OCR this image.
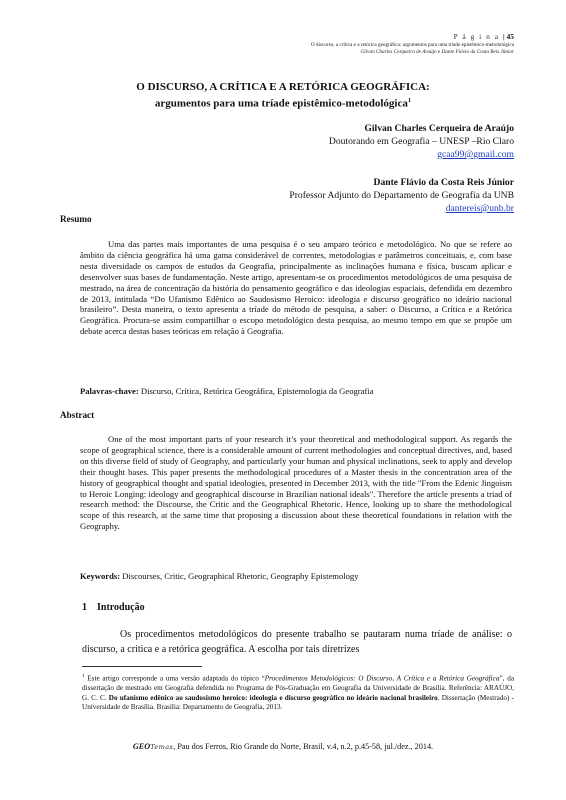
P á g i n a | 45
O discurso, a crítica e a retórica geográfica: argumentos para uma tríade epistêmico-metodológica
Gilvan Charles Cerqueira de Araújo e Dante Flávio da Costa Reis Júnior
O DISCURSO, A CRÍTICA E A RETÓRICA GEOGRÁFICA:
argumentos para uma tríade epistêmico-metodológica$^1$
Gilvan Charles Cerqueira de Araújo
Doutorando em Geografia – UNESP –Rio Claro
gcaa99@gmail.com
Dante Flávio da Costa Reis Júnior
Professor Adjunto do Departamento de Geografia da UNB
dantereis@unb.br
Resumo
Uma das partes mais importantes de uma pesquisa é o seu amparo teórico e metodológico. No que se refere ao âmbito da ciência geográfica há uma gama considerável de correntes, metodologias e parâmetros conceituais, e, com base nesta diversidade os campos de estudos da Geografia, principalmente as inclinações humana e física, buscam aplicar e desenvolver suas bases de fundamentação. Neste artigo, apresentam-se os procedimentos metodológicos de uma pesquisa de mestrado, na área de concentração da história do pensamento geográfico e das ideologias espaciais, defendida em dezembro de 2013, intitulada “Do Ufanismo Edênico ao Saudosismo Heroico: ideologia e discurso geográfico no ideário nacional brasileiro”. Desta maneira, o texto apresenta a tríade do método de pesquisa, a saber: o Discurso, a Crítica e a Retórica Geográfica. Procura-se assim compartilhar o escopo metodológico desta pesquisa, ao mesmo tempo em que se propõe um debate acerca destas bases teóricas em relação à Geografia.
Palavras-chave: Discurso, Crítica, Retórica Geográfica, Epistemologia da Geografia
Abstract
One of the most important parts of your research it’s your theoretical and methodological support. As regards the scope of geographical science, there is a considerable amount of current methodologies and conceptual directives, and, based on this diverse field of study of Geography, and particularly your human and physical inclinations, seek to apply and develop their thought bases. This paper presents the methodological procedures of a Master thesis in the concentration area of the history of geographical thought and spatial ideologies, presented in December 2013, with the title "From the Edenic Jingoism to Heroic Longing: ideology and geographical discourse in Brazilian national ideals". Therefore the article presents a triad of research method: the Discourse, the Critic and the Geographical Rhetoric. Hence, looking up to share the methodological scope of this research, at the same time that proposing a discussion about these theoretical foundations in relation with the Geography.
Keywords: Discourses, Critic, Geographical Rhetoric, Geography Epistemology
1 Introdução
Os procedimentos metodológicos do presente trabalho se pautaram numa tríade de análise: o discurso, a crítica e a retórica geográfica. A escolha por tais diretrizes
$^1$ Este artigo corresponde a uma versão adaptada do tópico “Procedimentos Metodológicos: O Discurso, A Crítica e a Retórica Geográfica”, da dissertação de mestrado em Geografia defendida no Programa de Pós-Graduação em Geografia da Universidade de Brasília. Referência: ARAÚJO, G. C. C. Do ufanismo edênico ao saudosismo heroico: ideologia e discurso geográfico no ideário nacional brasileiro. Dissertação (Mestrado) - Universidade de Brasília. Brasília: Departamento de Geografia, 2013.
GEOTemas, Pau dos Ferros, Rio Grande do Norte, Brasil, v.4, n.2, p.45-58, jul./dez., 2014.
